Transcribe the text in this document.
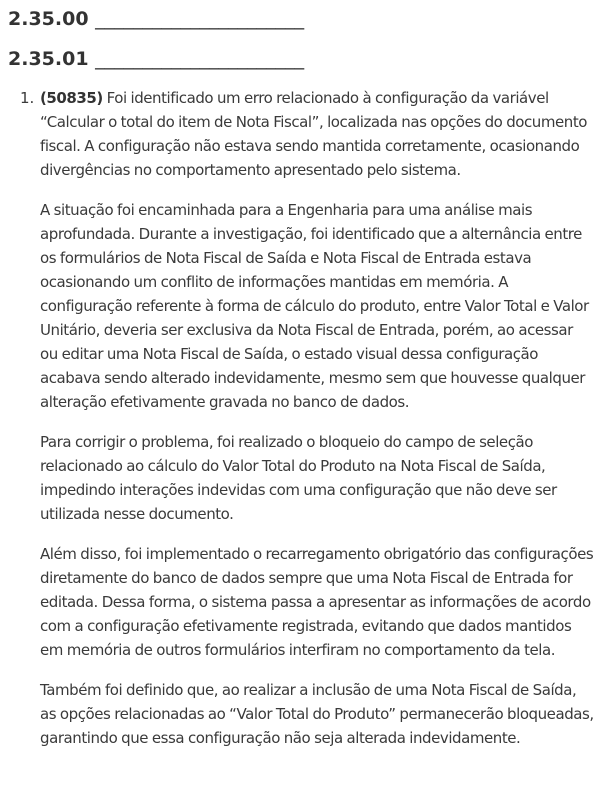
2.35.00 ______________________
2.35.01 ______________________
1. (50835) Foi identificado um erro relacionado à configuração da variável “Calcular o total do item de Nota Fiscal”, localizada nas opções do documento fiscal. A configuração não estava sendo mantida corretamente, ocasionando divergências no comportamento apresentado pelo sistema.

A situação foi encaminhada para a Engenharia para uma análise mais aprofundada. Durante a investigação, foi identificado que a alternância entre os formulários de Nota Fiscal de Saída e Nota Fiscal de Entrada estava ocasionando um conflito de informações mantidas em memória. A configuração referente à forma de cálculo do produto, entre Valor Total e Valor Unitário, deveria ser exclusiva da Nota Fiscal de Entrada, porém, ao acessar ou editar uma Nota Fiscal de Saída, o estado visual dessa configuração acabava sendo alterado indevidamente, mesmo sem que houvesse qualquer alteração efetivamente gravada no banco de dados.

Para corrigir o problema, foi realizado o bloqueio do campo de seleção relacionado ao cálculo do Valor Total do Produto na Nota Fiscal de Saída, impedindo interações indevidas com uma configuração que não deve ser utilizada nesse documento.

Além disso, foi implementado o recarregamento obrigatório das configurações diretamente do banco de dados sempre que uma Nota Fiscal de Entrada for editada. Dessa forma, o sistema passa a apresentar as informações de acordo com a configuração efetivamente registrada, evitando que dados mantidos em memória de outros formulários interfiram no comportamento da tela.

Também foi definido que, ao realizar a inclusão de uma Nota Fiscal de Saída, as opções relacionadas ao “Valor Total do Produto” permanecerão bloqueadas, garantindo que essa configuração não seja alterada indevidamente.
